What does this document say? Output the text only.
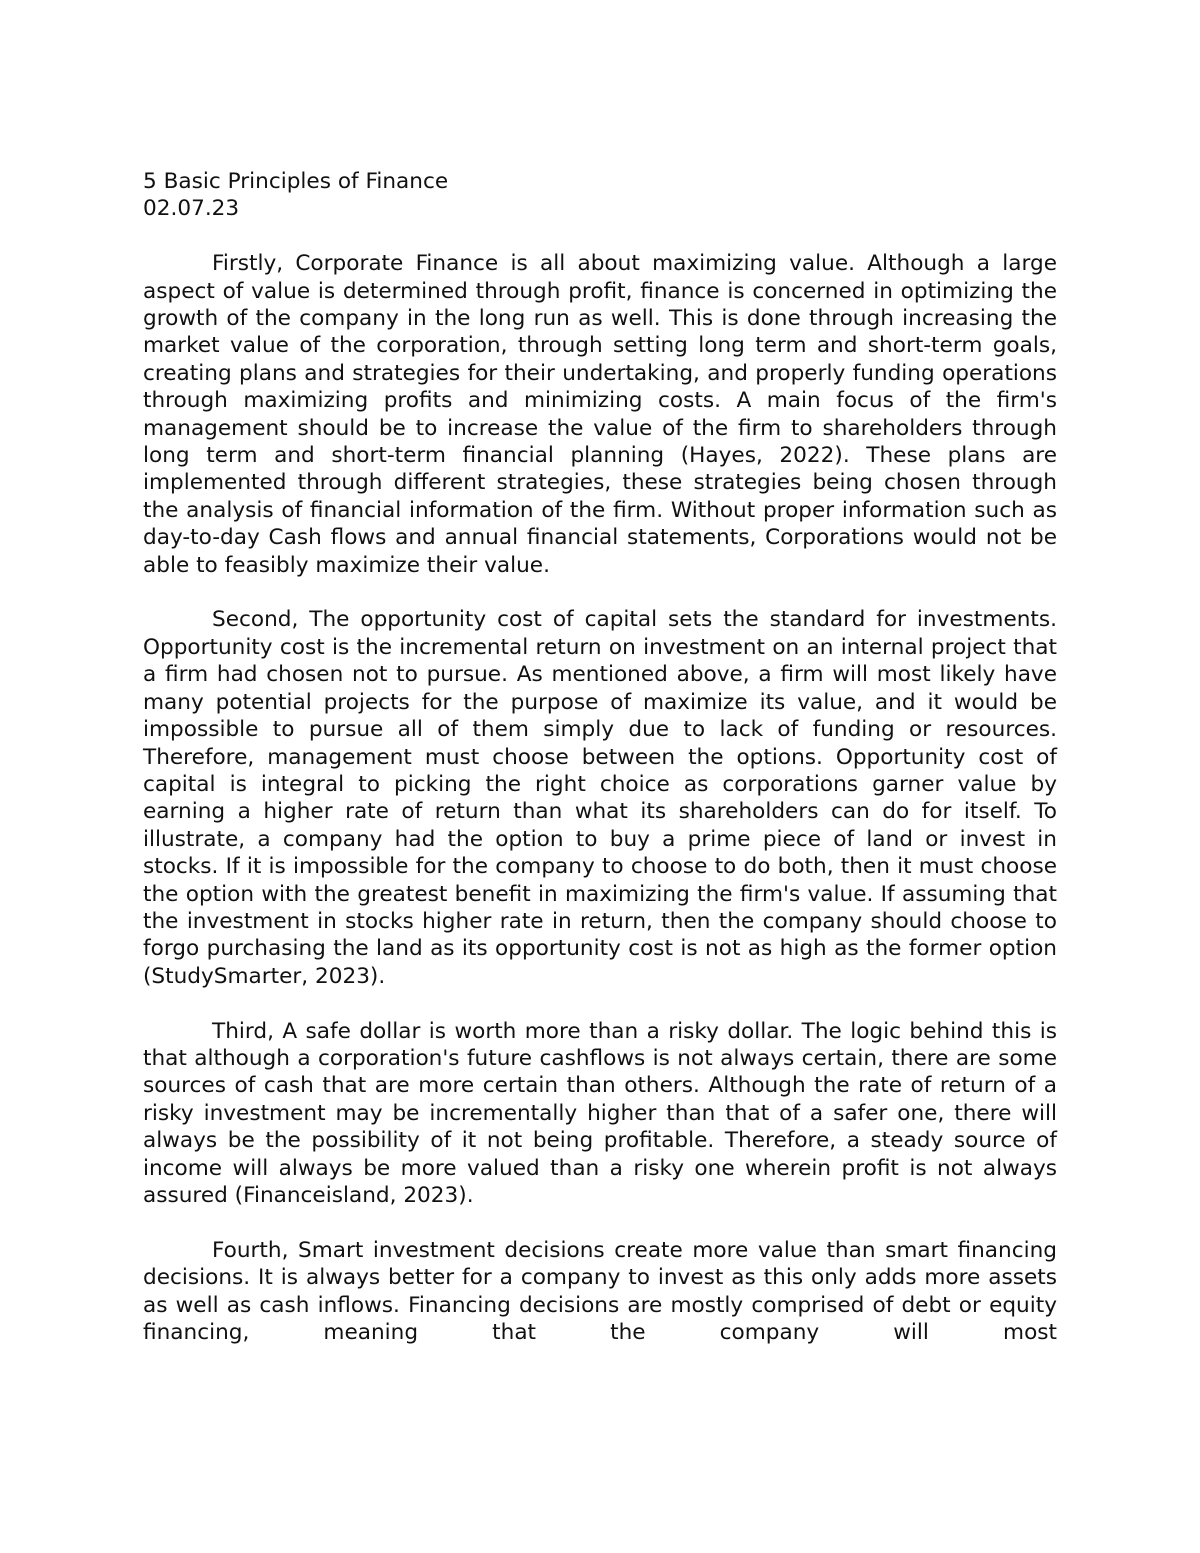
5 Basic Principles of Finance

02.07.23

Firstly, Corporate Finance is all about maximizing value. Although a large aspect of value is determined through profit, finance is concerned in optimizing the growth of the company in the long run as well. This is done through increasing the market value of the corporation, through setting long term and short-term goals, creating plans and strategies for their undertaking, and properly funding operations through maximizing profits and minimizing costs. A main focus of the firm's management should be to increase the value of the firm to shareholders through long term and short-term financial planning (Hayes, 2022). These plans are implemented through different strategies, these strategies being chosen through the analysis of financial information of the firm. Without proper information such as day-to-day Cash flows and annual financial statements, Corporations would not be able to feasibly maximize their value.

Second, The opportunity cost of capital sets the standard for investments. Opportunity cost is the incremental return on investment on an internal project that a firm had chosen not to pursue. As mentioned above, a firm will most likely have many potential projects for the purpose of maximize its value, and it would be impossible to pursue all of them simply due to lack of funding or resources. Therefore, management must choose between the options. Opportunity cost of capital is integral to picking the right choice as corporations garner value by earning a higher rate of return than what its shareholders can do for itself. To illustrate, a company had the option to buy a prime piece of land or invest in stocks. If it is impossible for the company to choose to do both, then it must choose the option with the greatest benefit in maximizing the firm's value. If assuming that the investment in stocks higher rate in return, then the company should choose to forgo purchasing the land as its opportunity cost is not as high as the former option (StudySmarter, 2023).

Third, A safe dollar is worth more than a risky dollar. The logic behind this is that although a corporation's future cashflows is not always certain, there are some sources of cash that are more certain than others. Although the rate of return of a risky investment may be incrementally higher than that of a safer one, there will always be the possibility of it not being profitable. Therefore, a steady source of income will always be more valued than a risky one wherein profit is not always assured (Financeisland, 2023).

Fourth, Smart investment decisions create more value than smart financing decisions. It is always better for a company to invest as this only adds more assets as well as cash inflows. Financing decisions are mostly comprised of debt or equity financing, meaning that the company will most
